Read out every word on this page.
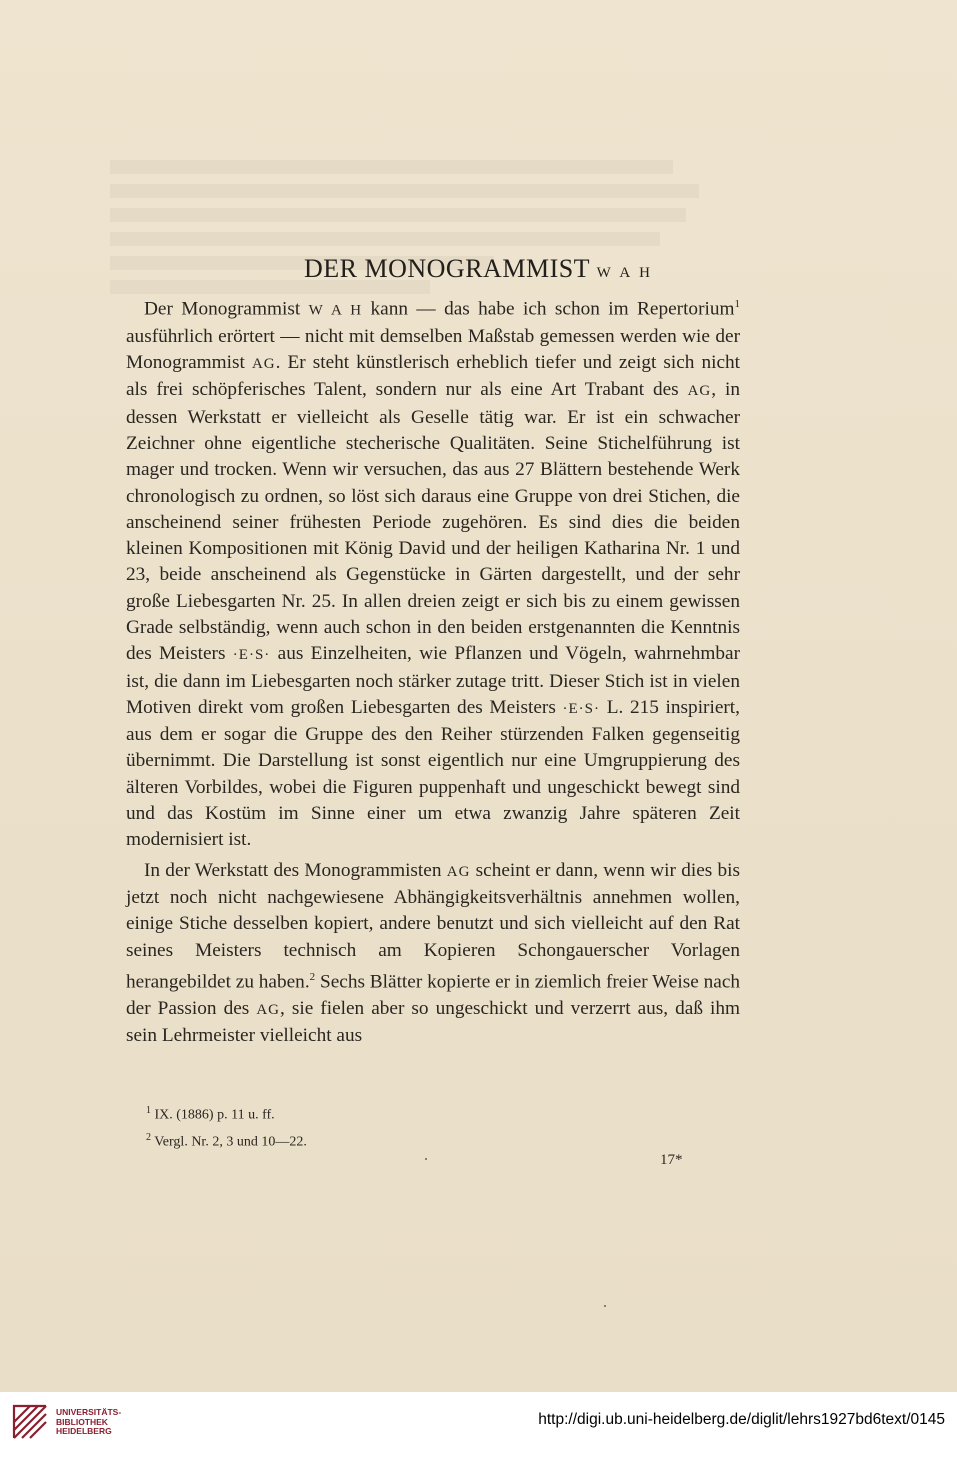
DER MONOGRAMMIST W A H

Der Monogrammist W A H kann — das habe ich schon im Repertorium$^1$ ausführlich erörtert — nicht mit demselben Maßstab gemessen werden wie der Monogrammist AG. Er steht künstlerisch erheblich tiefer und zeigt sich nicht als frei schöpferisches Talent, sondern nur als eine Art Trabant des AG, in dessen Werkstatt er vielleicht als Geselle tätig war. Er ist ein schwacher Zeichner ohne eigentliche stecherische Qualitäten. Seine Stichelführung ist mager und trocken. Wenn wir versuchen, das aus 27 Blättern bestehende Werk chronologisch zu ordnen, so löst sich daraus eine Gruppe von drei Stichen, die anscheinend seiner frühesten Periode zugehören. Es sind dies die beiden kleinen Kompositionen mit König David und der heiligen Katharina Nr. 1 und 23, beide anscheinend als Gegenstücke in Gärten dargestellt, und der sehr große Liebesgarten Nr. 25. In allen dreien zeigt er sich bis zu einem gewissen Grade selbständig, wenn auch schon in den beiden erstgenannten die Kenntnis des Meisters ·E·S· aus Einzelheiten, wie Pflanzen und Vögeln, wahrnehmbar ist, die dann im Liebesgarten noch stärker zutage tritt. Dieser Stich ist in vielen Motiven direkt vom großen Liebesgarten des Meisters ·E·S· L. 215 inspiriert, aus dem er sogar die Gruppe des den Reiher stürzenden Falken gegenseitig übernimmt. Die Darstellung ist sonst eigentlich nur eine Umgruppierung des älteren Vorbildes, wobei die Figuren puppenhaft und ungeschickt bewegt sind und das Kostüm im Sinne einer um etwa zwanzig Jahre späteren Zeit modernisiert ist.

In der Werkstatt des Monogrammisten AG scheint er dann, wenn wir dies bis jetzt noch nicht nachgewiesene Abhängigkeitsverhältnis annehmen wollen, einige Stiche desselben kopiert, andere benutzt und sich vielleicht auf den Rat seines Meisters technisch am Kopieren Schongauerscher Vorlagen herangebildet zu haben.$^2$ Sechs Blätter kopierte er in ziemlich freier Weise nach der Passion des AG, sie fielen aber so ungeschickt und verzerrt aus, daß ihm sein Lehrmeister vielleicht aus

$^1$ IX. (1886) p. 11 u. ff.
$^2$ Vergl. Nr. 2, 3 und 10—22.
17*
UNIVERSITÄTS-
BIBLIOTHEK
HEIDELBERG
http://digi.ub.uni-heidelberg.de/diglit/lehrs1927bd6text/0145
